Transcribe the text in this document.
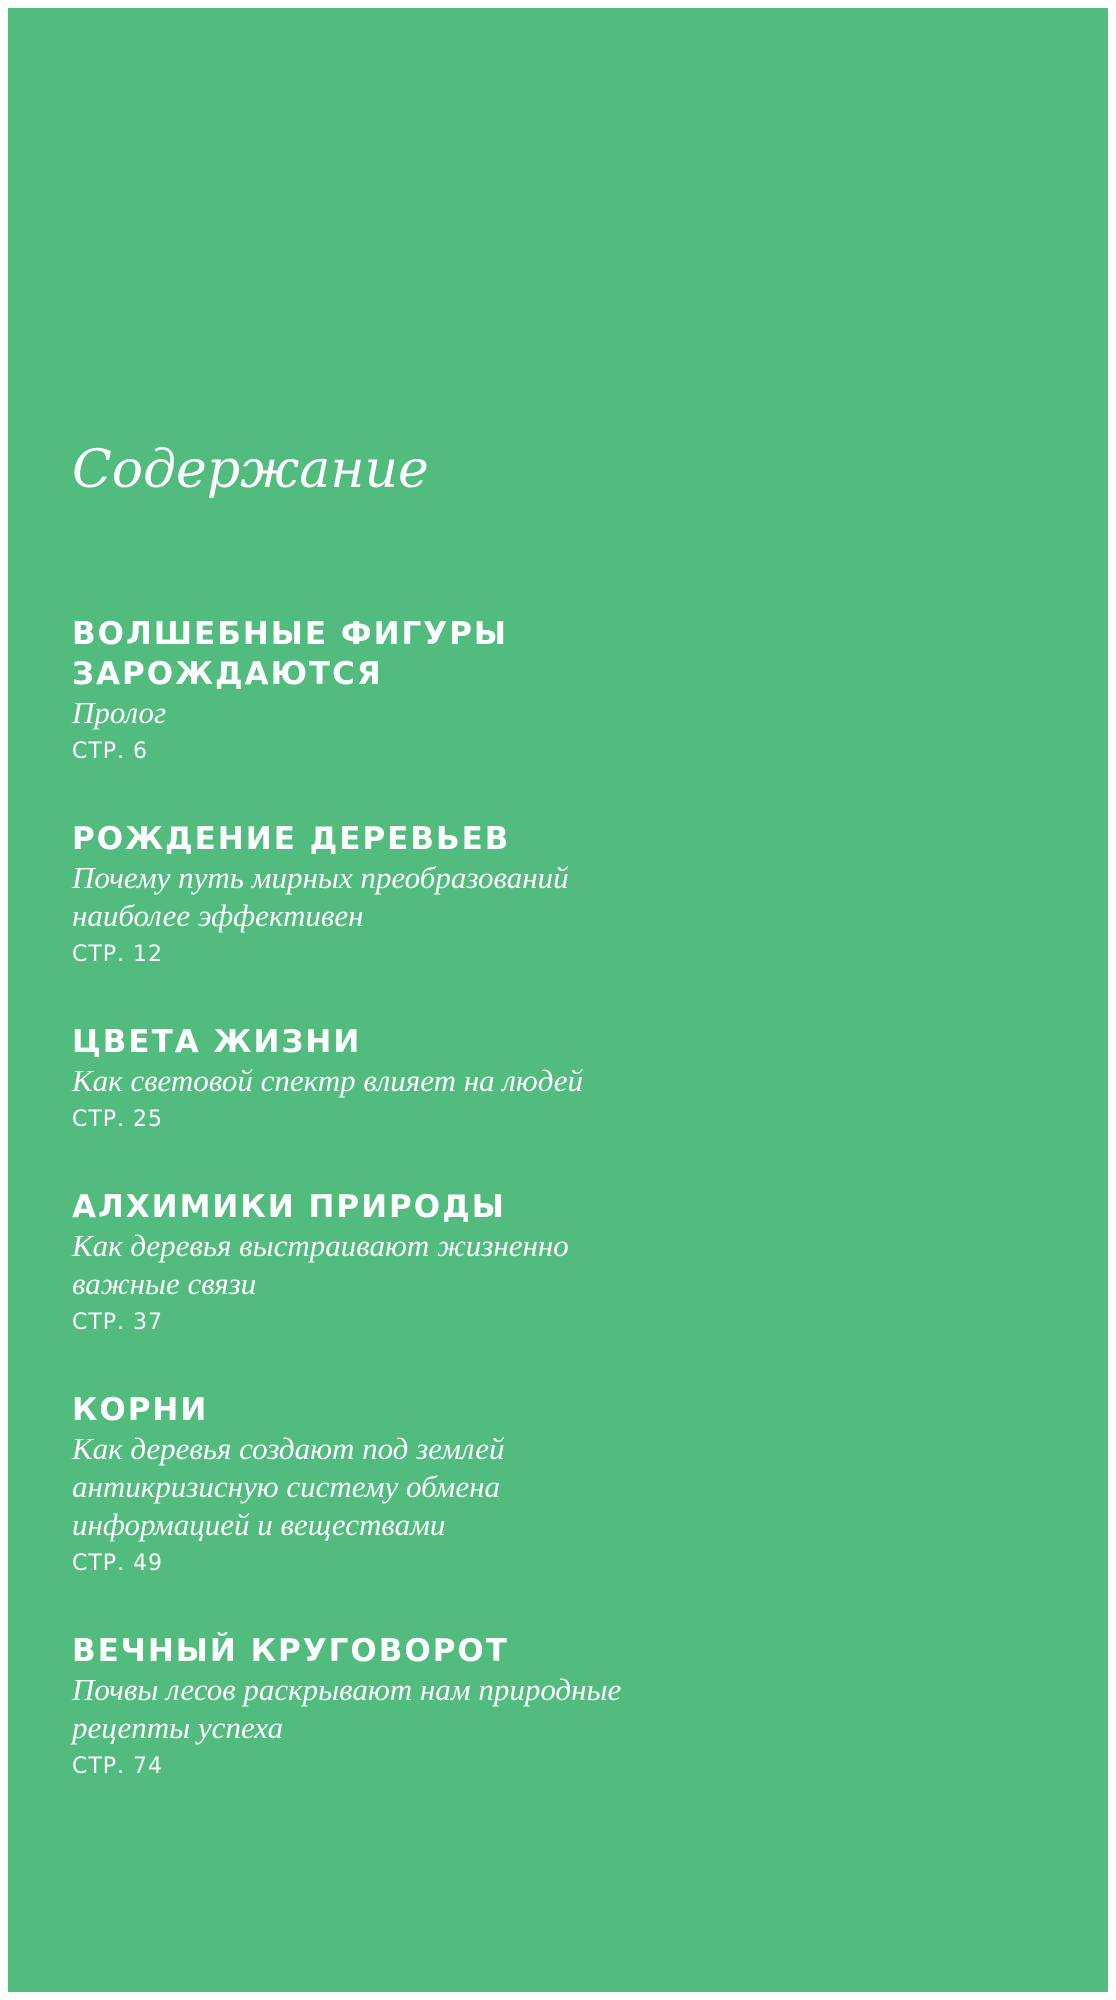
Содержание
ВОЛШЕБНЫЕ ФИГУРЫ
ЗАРОЖДАЮТСЯ
Пролог
СТР. 6
РОЖДЕНИЕ ДЕРЕВЬЕВ
Почему путь мирных преобразований
наиболее эффективен
СТР. 12
ЦВЕТА ЖИЗНИ
Как световой спектр влияет на людей
СТР. 25
АЛХИМИКИ ПРИРОДЫ
Как деревья выстраивают жизненно
важные связи
СТР. 37
КОРНИ
Как деревья создают под землей
антикризисную систему обмена
информацией и веществами
СТР. 49
ВЕЧНЫЙ КРУГОВОРОТ
Почвы лесов раскрывают нам природные
рецепты успеха
СТР. 74
